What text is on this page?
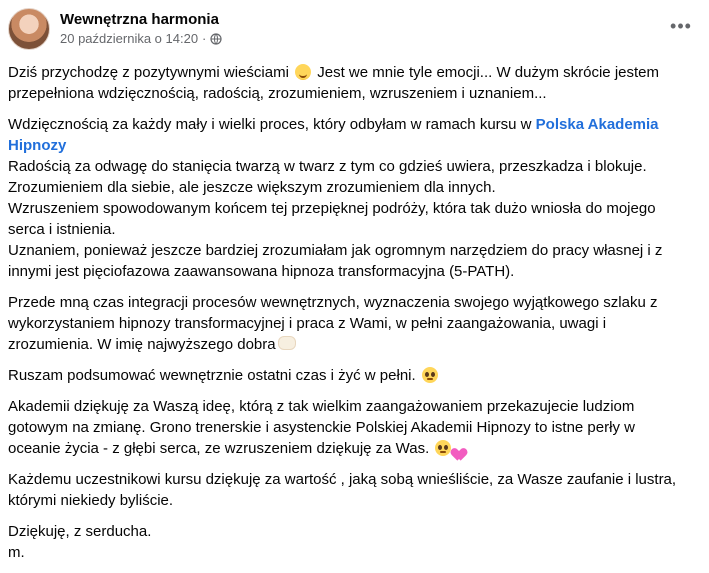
Wewnętrzna harmonia
20 października o 14:20 ·
•••

Dziś przychodzę z pozytywnymi wieściami  Jest we mnie tyle emocji... W dużym skrócie jestem
przepełniona wdzięcznością, radością, zrozumieniem, wzruszeniem i uznaniem...

Wdzięcznością za każdy mały i wielki proces, który odbyłam w ramach kursu w Polska Akademia
Hipnozy
Radością za odwagę do stanięcia twarzą w twarz z tym co gdzieś uwiera, przeszkadza i blokuje.
Zrozumieniem dla siebie, ale jeszcze większym zrozumieniem dla innych.
Wzruszeniem spowodowanym końcem tej przepięknej podróży, która tak dużo wniosła do mojego
serca i istnienia.
Uznaniem, ponieważ jeszcze bardziej zrozumiałam jak ogromnym narzędziem do pracy własnej i z
innymi jest pięciofazowa zaawansowana hipnoza transformacyjna (5-PATH).

Przede mną czas integracji procesów wewnętrznych, wyznaczenia swojego wyjątkowego szlaku z
wykorzystaniem hipnozy transformacyjnej i praca z Wami, w pełni zaangażowania, uwagi i
zrozumienia. W imię najwyższego dobra

Ruszam podsumować wewnętrznie ostatni czas i żyć w pełni.

Akademii dziękuję za Waszą ideę, którą z tak wielkim zaangażowaniem przekazujecie ludziom
gotowym na zmianę. Grono trenerskie i asystenckie Polskiej Akademii Hipnozy to istne perły w
oceanie życia - z głębi serca, ze wzruszeniem dziękuję za Was.

Każdemu uczestnikowi kursu dziękuję za wartość , jaką sobą wnieśliście, za Wasze zaufanie i lustra,
którymi niekiedy byliście.

Dziękuję, z serducha.
m.
